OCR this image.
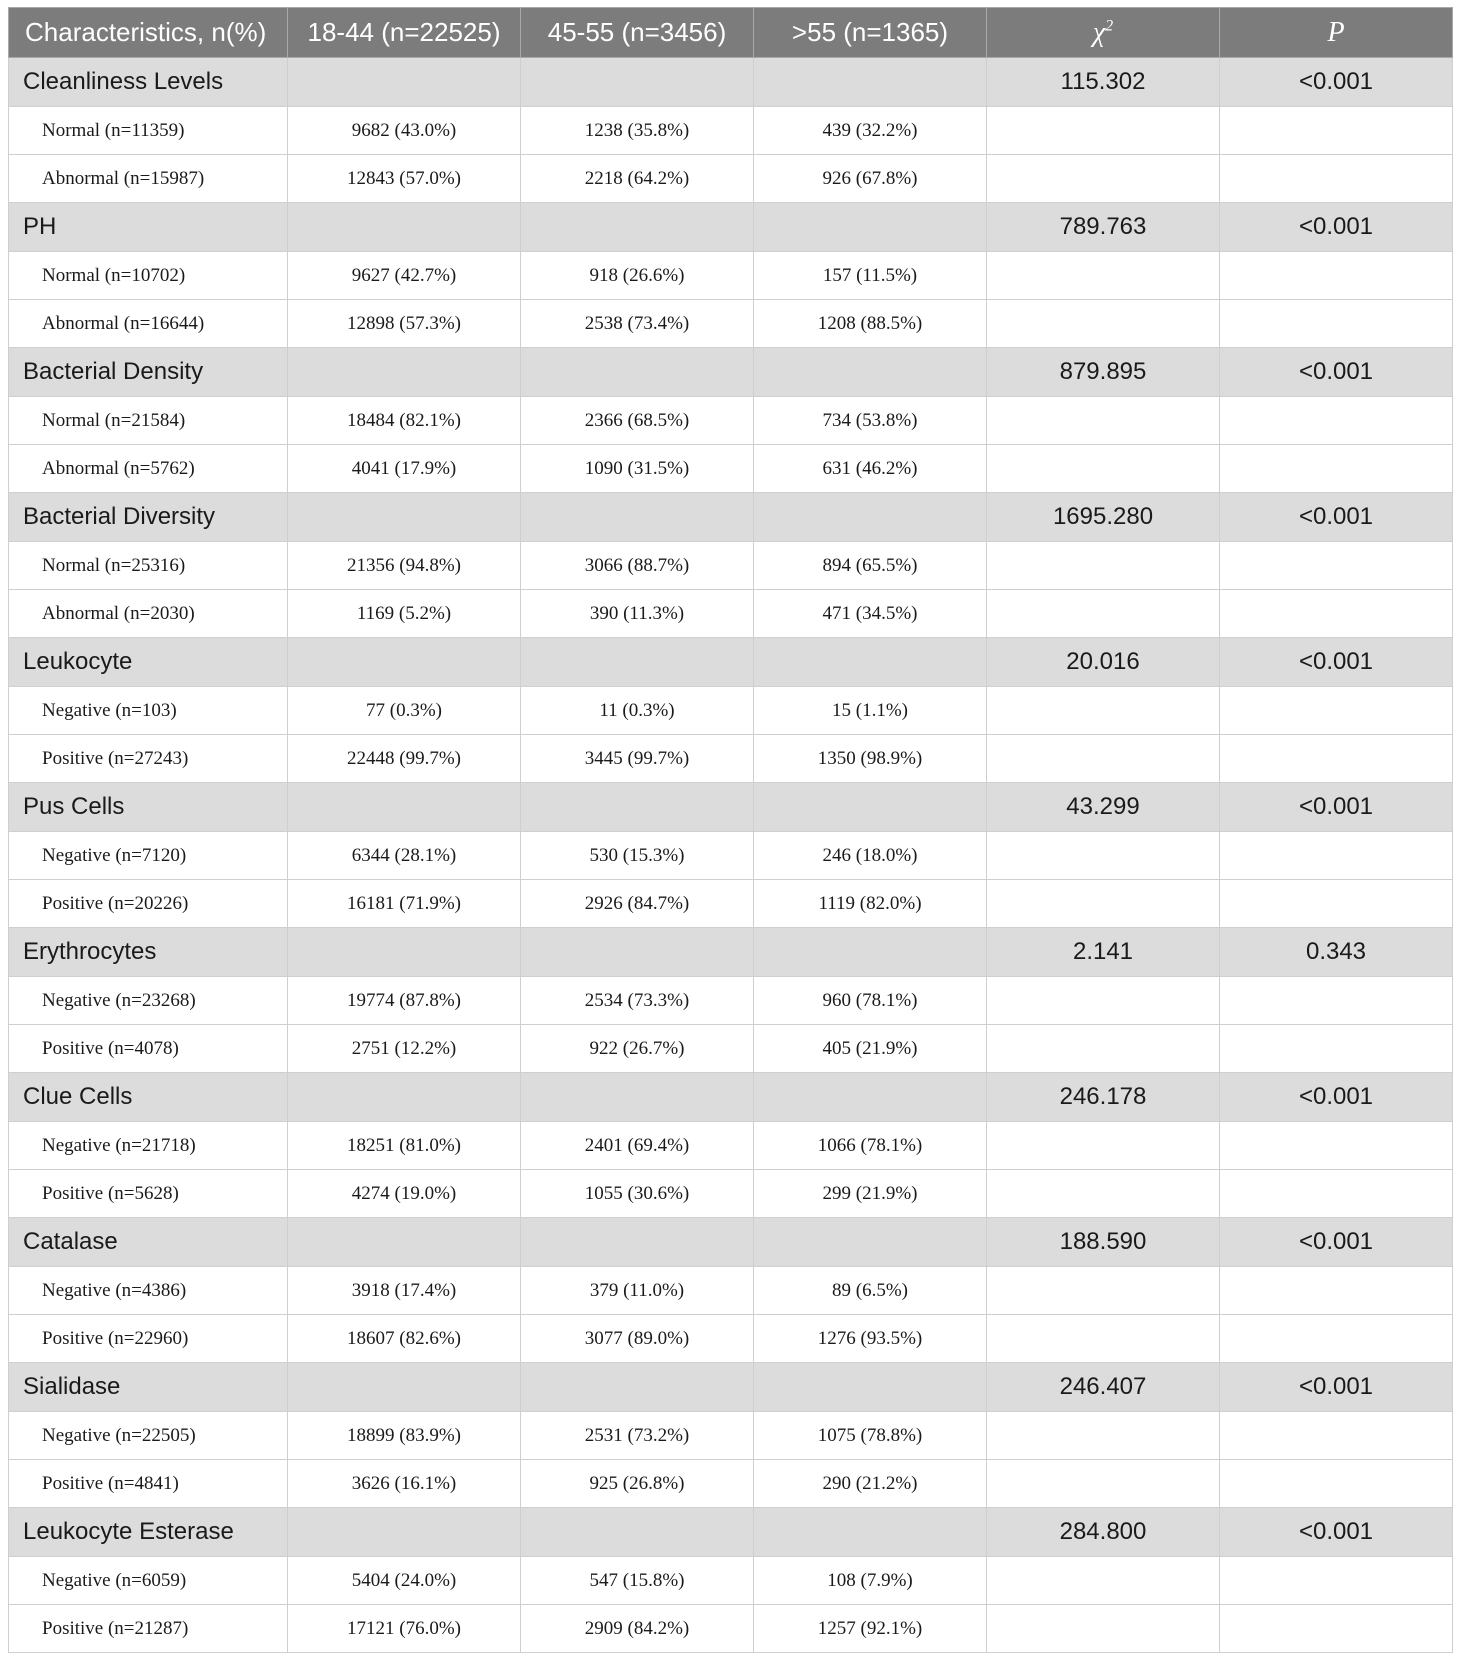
Characteristics, n(%)	18-44 (n=22525)	45-55 (n=3456)	>55 (n=1365)	$\chi^2$	P
Cleanliness Levels				115.302	<0.001
Normal (n=11359)	9682 (43.0%)	1238 (35.8%)	439 (32.2%)		
Abnormal (n=15987)	12843 (57.0%)	2218 (64.2%)	926 (67.8%)		
PH				789.763	<0.001
Normal (n=10702)	9627 (42.7%)	918 (26.6%)	157 (11.5%)		
Abnormal (n=16644)	12898 (57.3%)	2538 (73.4%)	1208 (88.5%)		
Bacterial Density				879.895	<0.001
Normal (n=21584)	18484 (82.1%)	2366 (68.5%)	734 (53.8%)		
Abnormal (n=5762)	4041 (17.9%)	1090 (31.5%)	631 (46.2%)		
Bacterial Diversity				1695.280	<0.001
Normal (n=25316)	21356 (94.8%)	3066 (88.7%)	894 (65.5%)		
Abnormal (n=2030)	1169 (5.2%)	390 (11.3%)	471 (34.5%)		
Leukocyte				20.016	<0.001
Negative (n=103)	77 (0.3%)	11 (0.3%)	15 (1.1%)		
Positive (n=27243)	22448 (99.7%)	3445 (99.7%)	1350 (98.9%)		
Pus Cells				43.299	<0.001
Negative (n=7120)	6344 (28.1%)	530 (15.3%)	246 (18.0%)		
Positive (n=20226)	16181 (71.9%)	2926 (84.7%)	1119 (82.0%)		
Erythrocytes				2.141	0.343
Negative (n=23268)	19774 (87.8%)	2534 (73.3%)	960 (78.1%)		
Positive (n=4078)	2751 (12.2%)	922 (26.7%)	405 (21.9%)		
Clue Cells				246.178	<0.001
Negative (n=21718)	18251 (81.0%)	2401 (69.4%)	1066 (78.1%)		
Positive (n=5628)	4274 (19.0%)	1055 (30.6%)	299 (21.9%)		
Catalase				188.590	<0.001
Negative (n=4386)	3918 (17.4%)	379 (11.0%)	89 (6.5%)		
Positive (n=22960)	18607 (82.6%)	3077 (89.0%)	1276 (93.5%)		
Sialidase				246.407	<0.001
Negative (n=22505)	18899 (83.9%)	2531 (73.2%)	1075 (78.8%)		
Positive (n=4841)	3626 (16.1%)	925 (26.8%)	290 (21.2%)		
Leukocyte Esterase				284.800	<0.001
Negative (n=6059)	5404 (24.0%)	547 (15.8%)	108 (7.9%)		
Positive (n=21287)	17121 (76.0%)	2909 (84.2%)	1257 (92.1%)		
